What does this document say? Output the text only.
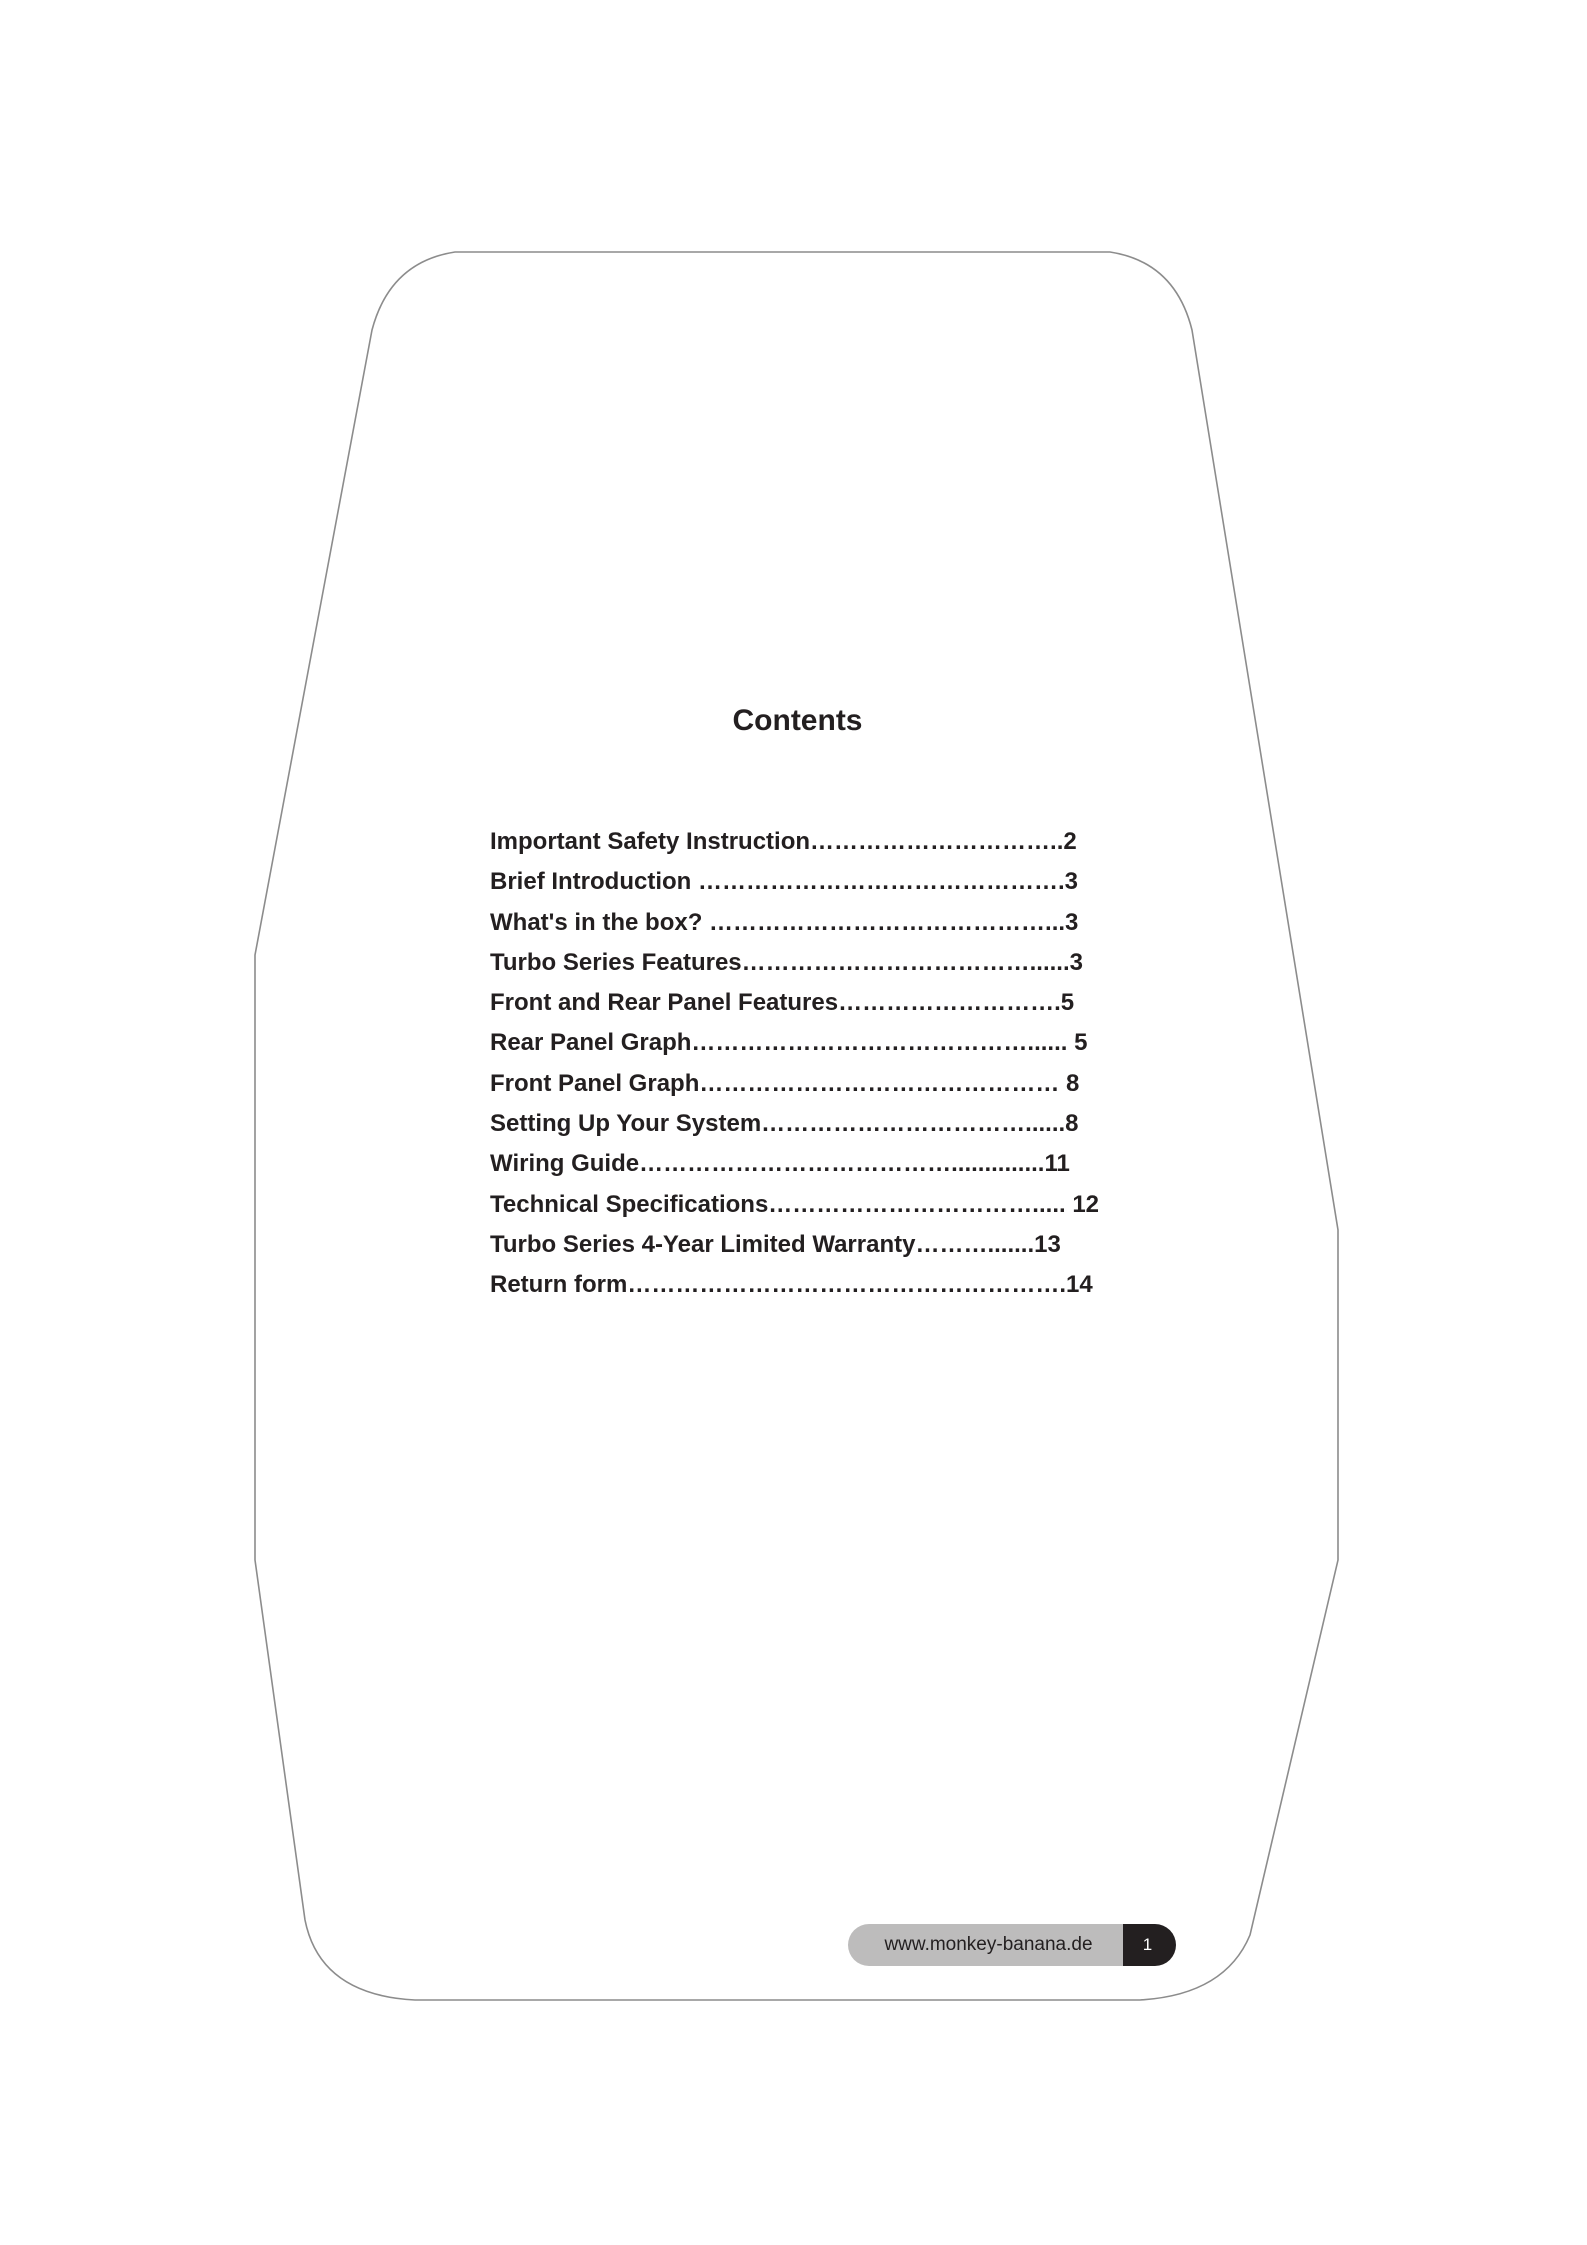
Contents
Important Safety Instruction…………………………..2
Brief Introduction ……………………………………….3
What's in the box? ……………………………………...3
Turbo Series Features………………………………......3
Front and Rear Panel Features……………………….5
Rear Panel Graph……………………………………...... 5
Front Panel Graph……………………………………… 8
Setting Up Your System……………………………......8
Wiring Guide…………………………………..............11
Technical Specifications……………………………..... 12
Turbo Series 4-Year Limited Warranty……….......13
Return form……………………………………………….14
www.monkey-banana.de	1
